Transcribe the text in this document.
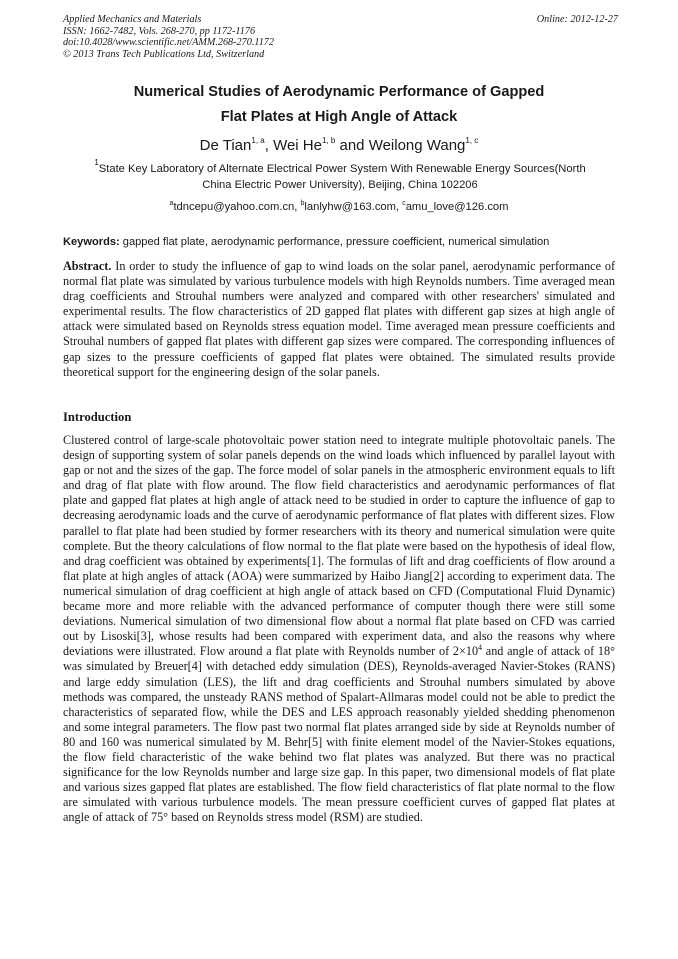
Applied Mechanics and Materials
ISSN: 1662-7482, Vols. 268-270, pp 1172-1176
doi:10.4028/www.scientific.net/AMM.268-270.1172
© 2013 Trans Tech Publications Ltd, Switzerland
Online: 2012-12-27
Numerical Studies of Aerodynamic Performance of Gapped
Flat Plates at High Angle of Attack
De Tian$^{1, a}$, Wei He$^{1, b}$ and Weilong Wang$^{1, c}$
$^1$State Key Laboratory of Alternate Electrical Power System With Renewable Energy Sources(North
China Electric Power University), Beijing, China 102206
$^a$tdncepu@yahoo.com.cn, $^b$lanlyhw@163.com, $^c$amu_love@126.com
Keywords: gapped flat plate, aerodynamic performance, pressure coefficient, numerical simulation
Abstract. In order to study the influence of gap to wind loads on the solar panel, aerodynamic performance of normal flat plate was simulated by various turbulence models with high Reynolds numbers. Time averaged mean drag coefficients and Strouhal numbers were analyzed and compared with other researchers' simulated and experimental results. The flow characteristics of 2D gapped flat plates with different gap sizes at high angle of attack were simulated based on Reynolds stress equation model. Time averaged mean pressure coefficients and Strouhal numbers of gapped flat plates with different gap sizes were compared. The corresponding influences of gap sizes to the pressure coefficients of gapped flat plates were obtained. The simulated results provide theoretical support for the engineering design of the solar panels.
Introduction
Clustered control of large-scale photovoltaic power station need to integrate multiple photovoltaic panels. The design of supporting system of solar panels depends on the wind loads which influenced by parallel layout with gap or not and the sizes of the gap. The force model of solar panels in the atmospheric environment equals to lift and drag of flat plate with flow around. The flow field characteristics and aerodynamic performances of flat plate and gapped flat plates at high angle of attack need to be studied in order to capture the influence of gap to decreasing aerodynamic loads and the curve of aerodynamic performance of flat plates with different sizes. Flow parallel to flat plate had been studied by former researchers with its theory and numerical simulation were quite complete. But the theory calculations of flow normal to the flat plate were based on the hypothesis of ideal flow, and drag coefficient was obtained by experiments[1]. The formulas of lift and drag coefficients of flow around a flat plate at high angles of attack (AOA) were summarized by Haibo Jiang[2] according to experiment data. The numerical simulation of drag coefficient at high angle of attack based on CFD (Computational Fluid Dynamic) became more and more reliable with the advanced performance of computer though there were still some deviations. Numerical simulation of two dimensional flow about a normal flat plate based on CFD was carried out by Lisoski[3], whose results had been compared with experiment data, and also the reasons why where deviations were illustrated. Flow around a flat plate with Reynolds number of $2\times 10^4$ and angle of attack of 18° was simulated by Breuer[4] with detached eddy simulation (DES), Reynolds-averaged Navier-Stokes (RANS) and large eddy simulation (LES), the lift and drag coefficients and Strouhal numbers simulated by above methods was compared, the unsteady RANS method of Spalart-Allmaras model could not be able to predict the characteristics of separated flow, while the DES and LES approach reasonably yielded shedding phenomenon and some integral parameters. The flow past two normal flat plates arranged side by side at Reynolds number of 80 and 160 was numerical simulated by M. Behr[5] with finite element model of the Navier-Stokes equations, the flow field characteristic of the wake behind two flat plates was analyzed. But there was no practical significance for the low Reynolds number and large size gap. In this paper, two dimensional models of flat plate and various sizes gapped flat plates are established. The flow field characteristics of flat plate normal to the flow are simulated with various turbulence models. The mean pressure coefficient curves of gapped flat plates at angle of attack of 75° based on Reynolds stress model (RSM) are studied.
